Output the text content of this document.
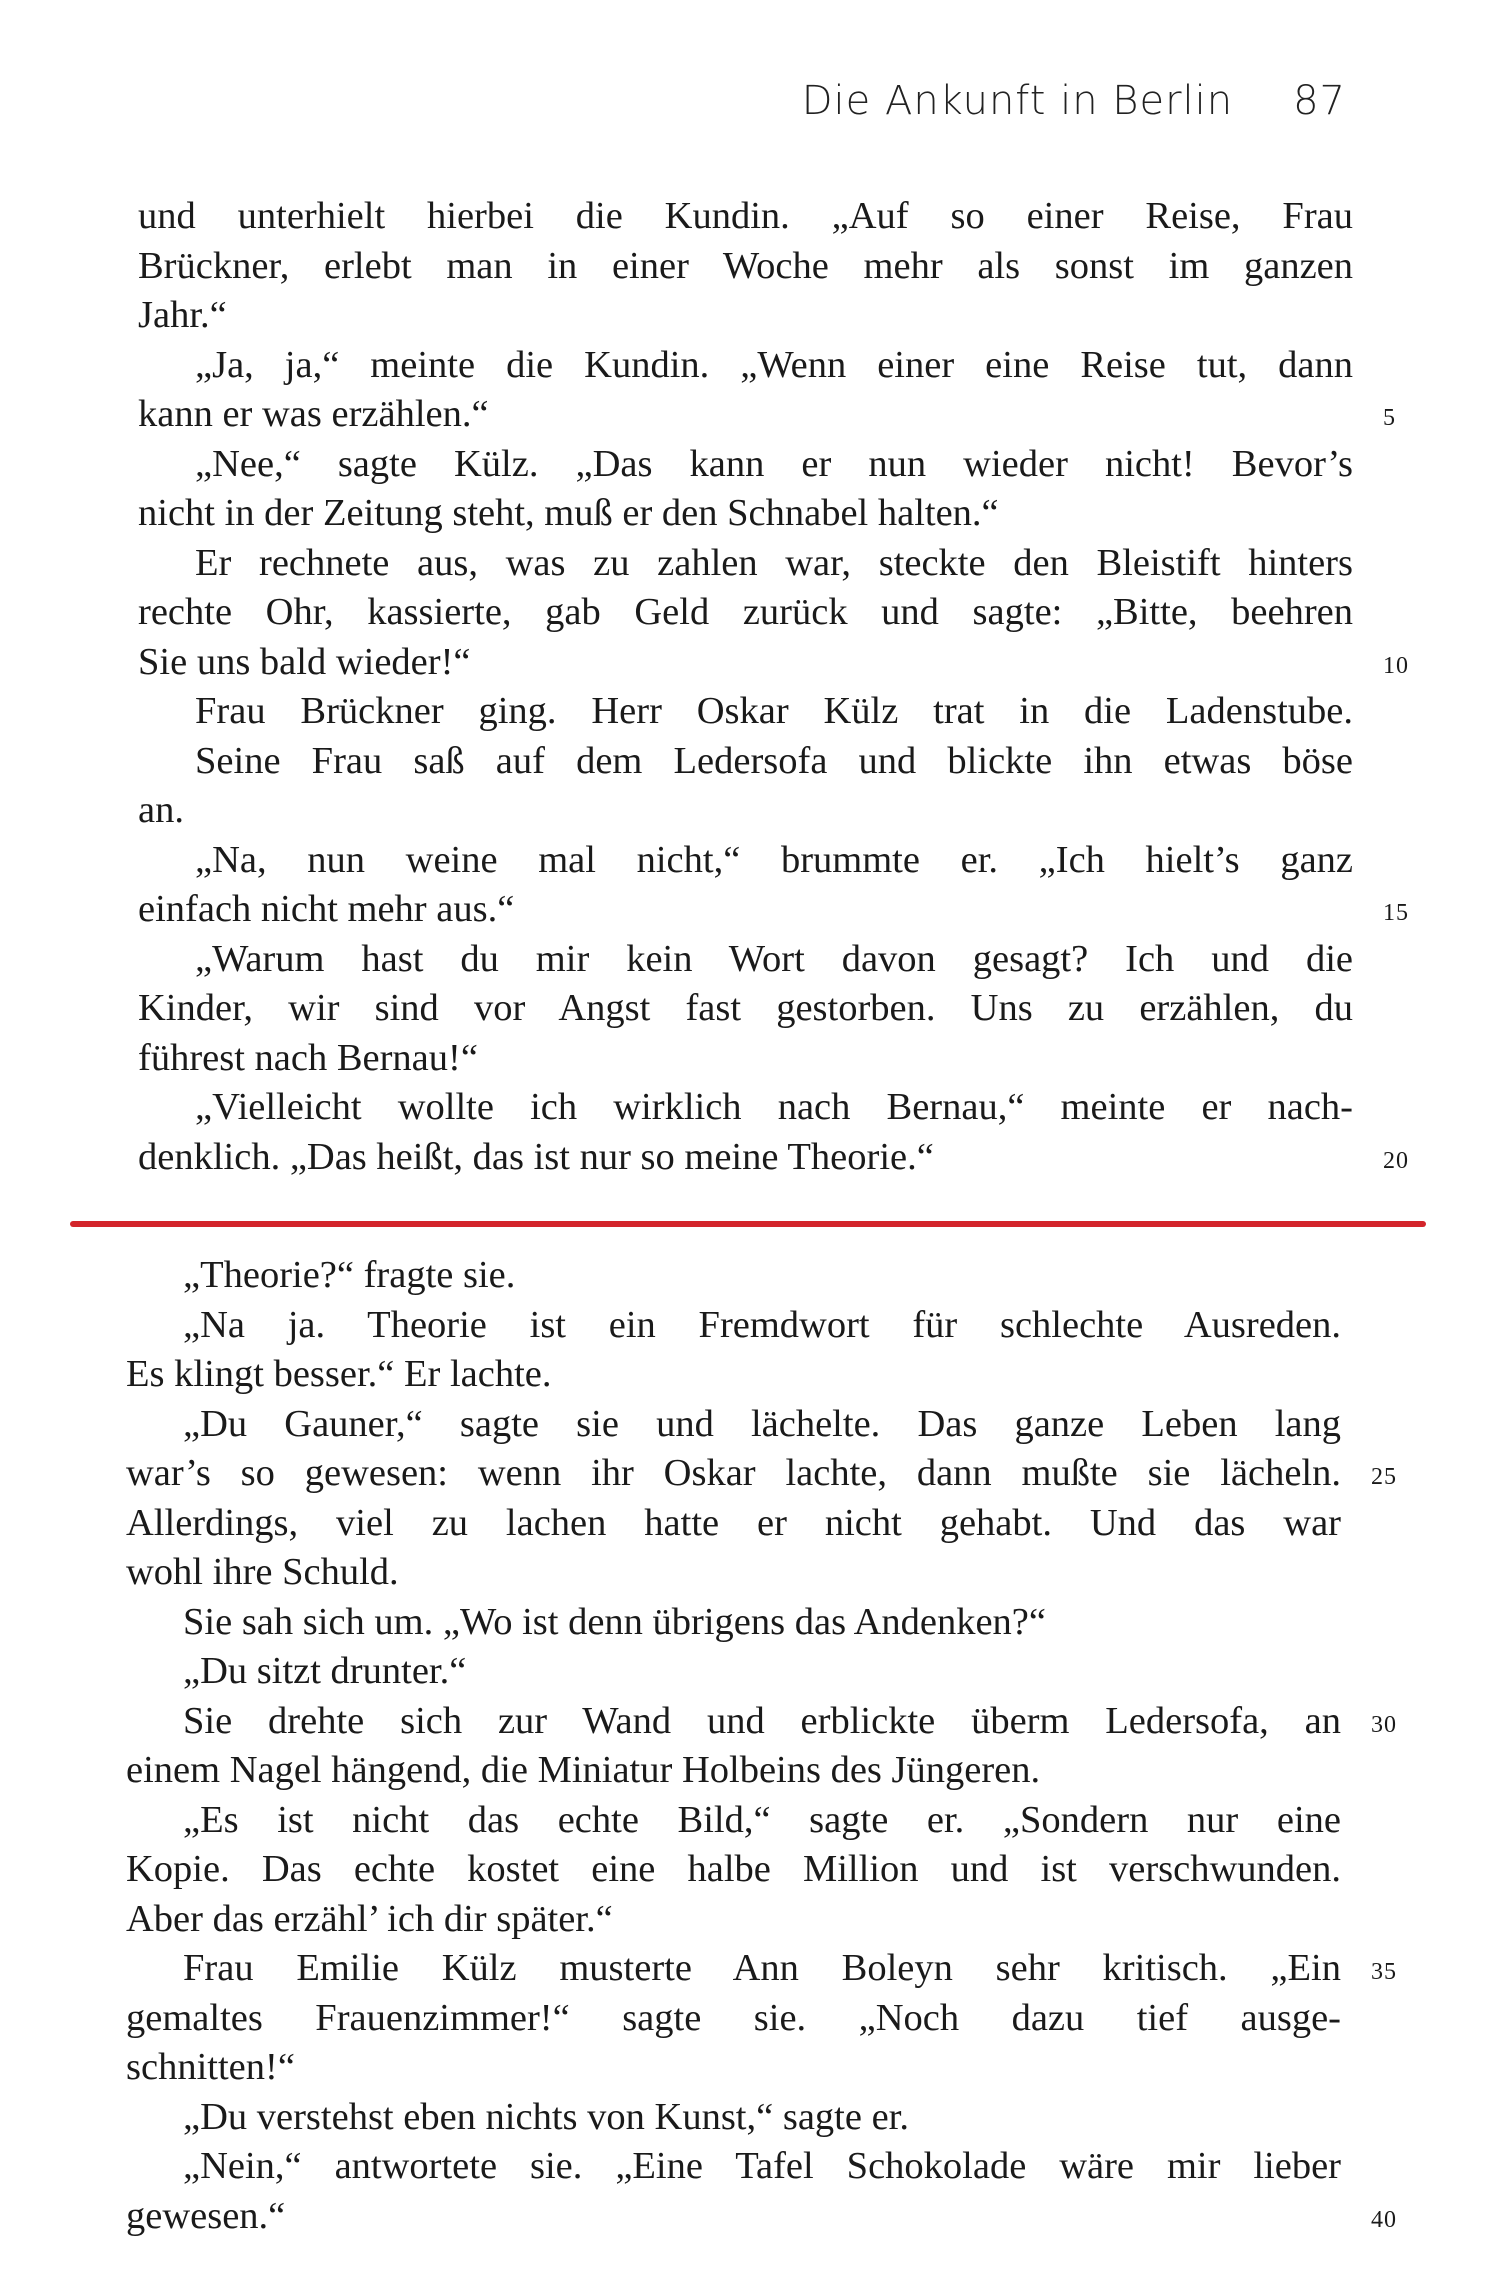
Die Ankunft in Berlin 87
und unterhielt hierbei die Kundin. „Auf so einer Reise, Frau
Brückner, erlebt man in einer Woche mehr als sonst im ganzen
Jahr.“
„Ja, ja,“ meinte die Kundin. „Wenn einer eine Reise tut, dann
kann er was erzählen.“	5
„Nee,“ sagte Külz. „Das kann er nun wieder nicht! Bevor’s
nicht in der Zeitung steht, muß er den Schnabel halten.“
Er rechnete aus, was zu zahlen war, steckte den Bleistift hinters
rechte Ohr, kassierte, gab Geld zurück und sagte: „Bitte, beehren
Sie uns bald wieder!“	10
Frau Brückner ging. Herr Oskar Külz trat in die Ladenstube.
Seine Frau saß auf dem Ledersofa und blickte ihn etwas böse
an.
„Na, nun weine mal nicht,“ brummte er. „Ich hielt’s ganz
einfach nicht mehr aus.“	15
„Warum hast du mir kein Wort davon gesagt? Ich und die
Kinder, wir sind vor Angst fast gestorben. Uns zu erzählen, du
führest nach Bernau!“
„Vielleicht wollte ich wirklich nach Bernau,“ meinte er nach-
denklich. „Das heißt, das ist nur so meine Theorie.“	20
„Theorie?“ fragte sie.
„Na ja. Theorie ist ein Fremdwort für schlechte Ausreden.
Es klingt besser.“ Er lachte.
„Du Gauner,“ sagte sie und lächelte. Das ganze Leben lang
war’s so gewesen: wenn ihr Oskar lachte, dann mußte sie lächeln. 25
Allerdings, viel zu lachen hatte er nicht gehabt. Und das war
wohl ihre Schuld.
Sie sah sich um. „Wo ist denn übrigens das Andenken?“
„Du sitzt drunter.“
Sie drehte sich zur Wand und erblickte überm Ledersofa, an 30
einem Nagel hängend, die Miniatur Holbeins des Jüngeren.
„Es ist nicht das echte Bild,“ sagte er. „Sondern nur eine
Kopie. Das echte kostet eine halbe Million und ist verschwunden.
Aber das erzähl’ ich dir später.“
Frau Emilie Külz musterte Ann Boleyn sehr kritisch. „Ein 35
gemaltes Frauenzimmer!“ sagte sie. „Noch dazu tief ausge-
schnitten!“
„Du verstehst eben nichts von Kunst,“ sagte er.
„Nein,“ antwortete sie. „Eine Tafel Schokolade wäre mir lieber
gewesen.“	40
